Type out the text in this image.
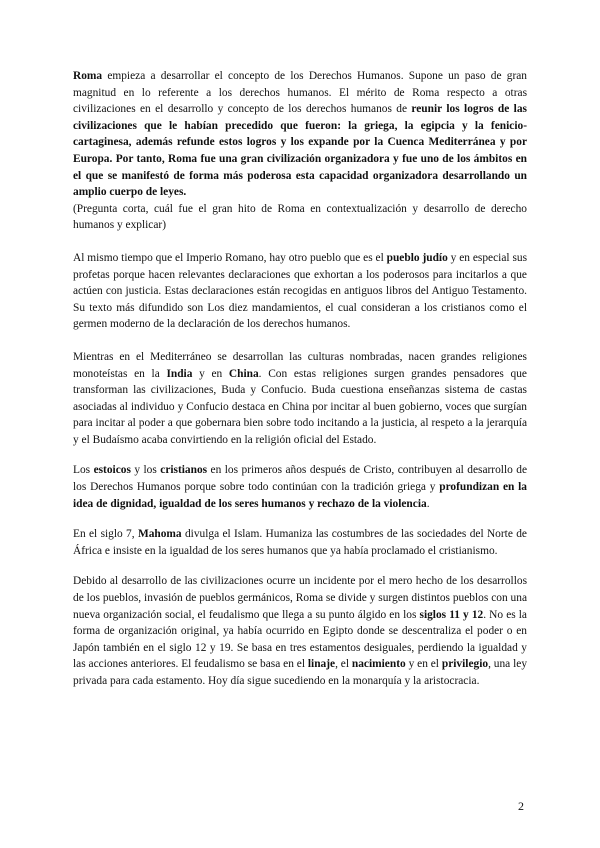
Roma empieza a desarrollar el concepto de los Derechos Humanos. Supone un paso de gran magnitud en lo referente a los derechos humanos. El mérito de Roma respecto a otras civilizaciones en el desarrollo y concepto de los derechos humanos de reunir los logros de las civilizaciones que le habían precedido que fueron: la griega, la egipcia y la fenicio-cartaginesa, además refunde estos logros y los expande por la Cuenca Mediterránea y por Europa. Por tanto, Roma fue una gran civilización organizadora y fue uno de los ámbitos en el que se manifestó de forma más poderosa esta capacidad organizadora desarrollando un amplio cuerpo de leyes.

(Pregunta corta, cuál fue el gran hito de Roma en contextualización y desarrollo de derecho humanos y explicar)

Al mismo tiempo que el Imperio Romano, hay otro pueblo que es el pueblo judío y en especial sus profetas porque hacen relevantes declaraciones que exhortan a los poderosos para incitarlos a que actúen con justicia. Estas declaraciones están recogidas en antiguos libros del Antiguo Testamento. Su texto más difundido son Los diez mandamientos, el cual consideran a los cristianos como el germen moderno de la declaración de los derechos humanos.

Mientras en el Mediterráneo se desarrollan las culturas nombradas, nacen grandes religiones monoteístas en la India y en China. Con estas religiones surgen grandes pensadores que transforman las civilizaciones, Buda y Confucio. Buda cuestiona enseñanzas sistema de castas asociadas al individuo y Confucio destaca en China por incitar al buen gobierno, voces que surgían para incitar al poder a que gobernara bien sobre todo incitando a la justicia, al respeto a la jerarquía y el Budaísmo acaba convirtiendo en la religión oficial del Estado.

Los estoicos y los cristianos en los primeros años después de Cristo, contribuyen al desarrollo de los Derechos Humanos porque sobre todo continúan con la tradición griega y profundizan en la idea de dignidad, igualdad de los seres humanos y rechazo de la violencia.

En el siglo 7, Mahoma divulga el Islam. Humaniza las costumbres de las sociedades del Norte de África e insiste en la igualdad de los seres humanos que ya había proclamado el cristianismo.

Debido al desarrollo de las civilizaciones ocurre un incidente por el mero hecho de los desarrollos de los pueblos, invasión de pueblos germánicos, Roma se divide y surgen distintos pueblos con una nueva organización social, el feudalismo que llega a su punto álgido en los siglos 11 y 12. No es la forma de organización original, ya había ocurrido en Egipto donde se descentraliza el poder o en Japón también en el siglo 12 y 19. Se basa en tres estamentos desiguales, perdiendo la igualdad y las acciones anteriores. El feudalismo se basa en el linaje, el nacimiento y en el privilegio, una ley privada para cada estamento. Hoy día sigue sucediendo en la monarquía y la aristocracia.

2
